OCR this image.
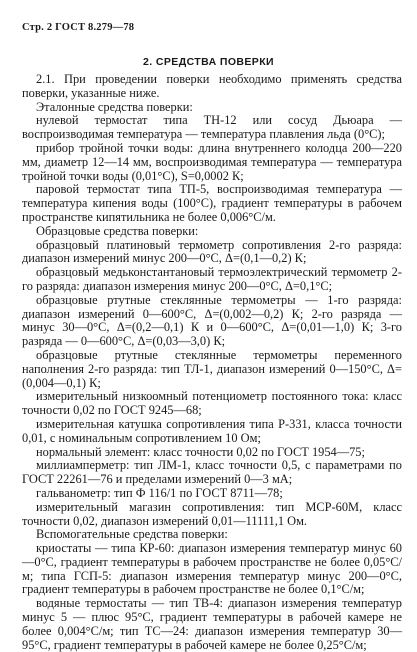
Стр. 2 ГОСТ 8.279—78
2. СРЕДСТВА ПОВЕРКИ

2.1. При проведении поверки необходимо применять средства поверки, указанные ниже.

Эталонные средства поверки:

нулевой термостат типа ТН-12 или сосуд Дьюара — воспроизводимая температура — температура плавления льда (0°С);

прибор тройной точки воды: длина внутреннего колодца 200—220 мм, диаметр 12—14 мм, воспроизводимая температура — температура тройной точки воды (0,01°С), S=0,0002 К;

паровой термостат типа ТП-5, воспроизводимая температура — температура кипения воды (100°С), градиент температуры в рабочем пространстве кипятильника не более 0,006°С/м.

Образцовые средства поверки:

образцовый платиновый термометр сопротивления 2-го разряда: диапазон измерений минус 200—0°С, Δ=(0,1—0,2) К;

образцовый медьконстантановый термоэлектрический термометр 2-го разряда: диапазон измерения минус 200—0°С, Δ=0,1°С;

образцовые ртутные стеклянные термометры — 1-го разряда: диапазон измерений 0—600°С, Δ=(0,002—0,2) К; 2-го разряда — минус 30—0°С, Δ=(0,2—0,1) К и 0—600°С, Δ=(0,01—1,0) К; 3-го разряда — 0—600°С, Δ=(0,03—3,0) К;

образцовые ртутные стеклянные термометры переменного наполнения 2-го разряда: тип ТЛ-1, диапазон измерений 0—150°С, Δ=(0,004—0,1) К;

измерительный низкоомный потенциометр постоянного тока: класс точности 0,02 по ГОСТ 9245—68;

измерительная катушка сопротивления типа Р-331, класса точности 0,01, с номинальным сопротивлением 10 Ом;

нормальный элемент: класс точности 0,02 по ГОСТ 1954—75;

миллиамперметр: тип ЛМ-1, класс точности 0,5, с параметрами по ГОСТ 22261—76 и пределами измерений 0—3 мА;

гальванометр: тип Ф 116/1 по ГОСТ 8711—78;

измерительный магазин сопротивления: тип МСР-60М, класс точности 0,02, диапазон измерений 0,01—11111,1 Ом.

Вспомогательные средства поверки:

криостаты — типа КР-60: диапазон измерения температур минус 60—0°С, градиент температуры в рабочем пространстве не более 0,05°С/м; типа ГСП-5: диапазон измерения температур минус 200—0°С, градиент температуры в рабочем пространстве не более 0,1°С/м;

водяные термостаты — тип ТВ-4: диапазон измерения температур минус 5 — плюс 95°С, градиент температуры в рабочей камере не более 0,004°С/м; тип ТС—24: диапазон измерения температур 30—95°С, градиент температуры в рабочей камере не более 0,25°С/м;
